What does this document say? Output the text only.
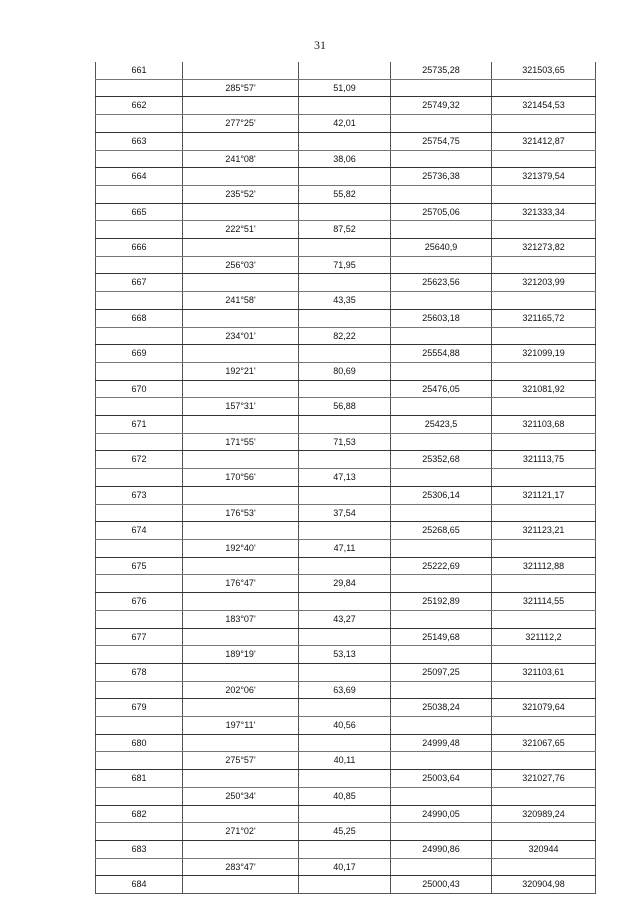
31
661			25735,28	321503,65
	285°57'	51,09		
662			25749,32	321454,53
	277°25'	42,01		
663			25754,75	321412,87
	241°08'	38,06		
664			25736,38	321379,54
	235°52'	55,82		
665			25705,06	321333,34
	222°51'	87,52		
666			25640,9	321273,82
	256°03'	71,95		
667			25623,56	321203,99
	241°58'	43,35		
668			25603,18	321165,72
	234°01'	82,22		
669			25554,88	321099,19
	192°21'	80,69		
670			25476,05	321081,92
	157°31'	56,88		
671			25423,5	321103,68
	171°55'	71,53		
672			25352,68	321113,75
	170°56'	47,13		
673			25306,14	321121,17
	176°53'	37,54		
674			25268,65	321123,21
	192°40'	47,11		
675			25222,69	321112,88
	176°47'	29,84		
676			25192,89	321114,55
	183°07'	43,27		
677			25149,68	321112,2
	189°19'	53,13		
678			25097,25	321103,61
	202°06'	63,69		
679			25038,24	321079,64
	197°11'	40,56		
680			24999,48	321067,65
	275°57'	40,11		
681			25003,64	321027,76
	250°34'	40,85		
682			24990,05	320989,24
	271°02'	45,25		
683			24990,86	320944
	283°47'	40,17		
684			25000,43	320904,98
